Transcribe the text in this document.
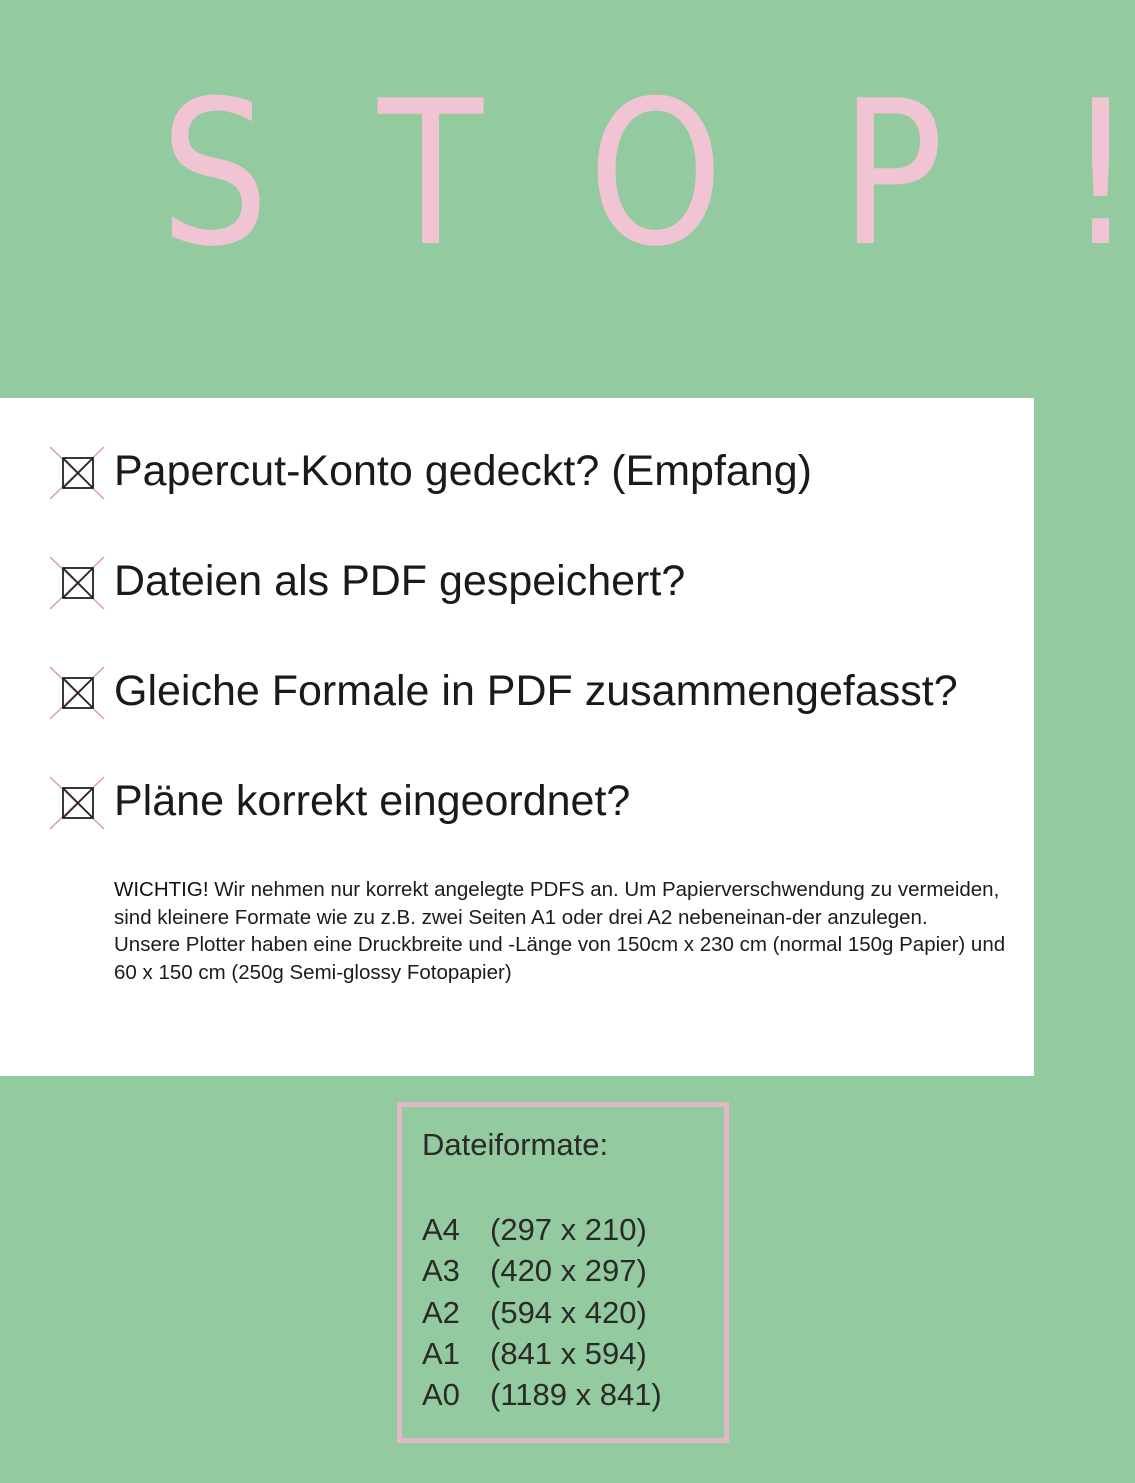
S T O P !
Papercut-Konto gedeckt? (Empfang)
Dateien als PDF gespeichert?
Gleiche Formale in PDF zusammengefasst?
Pläne korrekt eingeordnet?

WICHTIG! Wir nehmen nur korrekt angelegte PDFS an. Um Papierverschwendung zu vermeiden, sind kleinere Formate wie zu z.B. zwei Seiten A1 oder drei A2 nebeneinan-der anzulegen.

Unsere Plotter haben eine Druckbreite und -Länge von 150cm x 230 cm (normal 150g Papier) und 60 x 150 cm (250g Semi-glossy Fotopapier)

Dateiformate:
A4 (297 x 210)
A3 (420 x 297)
A2 (594 x 420)
A1 (841 x 594)
A0 (1189 x 841)
